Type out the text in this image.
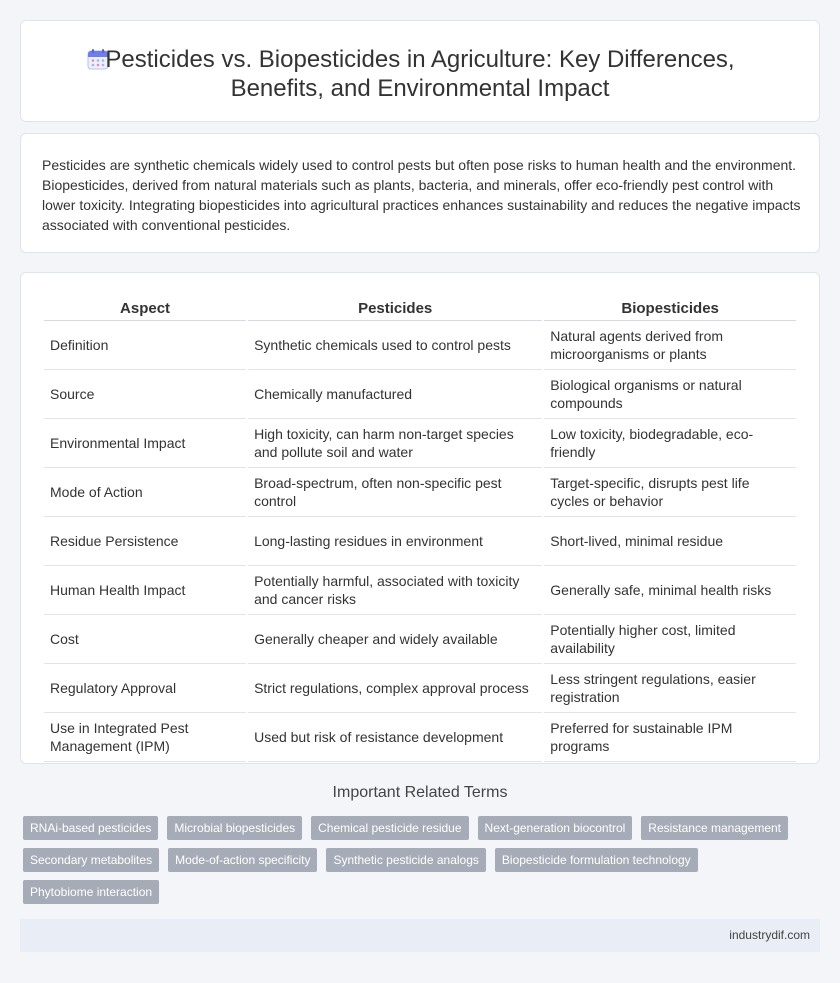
Pesticides vs. Biopesticides in Agriculture: Key Differences,
Benefits, and Environmental Impact

Pesticides are synthetic chemicals widely used to control pests but often pose risks to human health and the environment. Biopesticides, derived from natural materials such as plants, bacteria, and minerals, offer eco-friendly pest control with lower toxicity. Integrating biopesticides into agricultural practices enhances sustainability and reduces the negative impacts associated with conventional pesticides.

Aspect	Pesticides	Biopesticides
Definition	Synthetic chemicals used to control pests	Natural agents derived from microorganisms or plants
Source	Chemically manufactured	Biological organisms or natural compounds
Environmental Impact	High toxicity, can harm non-target species and pollute soil and water	Low toxicity, biodegradable, eco-friendly
Mode of Action	Broad-spectrum, often non-specific pest control	Target-specific, disrupts pest life cycles or behavior
Residue Persistence	Long-lasting residues in environment	Short-lived, minimal residue
Human Health Impact	Potentially harmful, associated with toxicity and cancer risks	Generally safe, minimal health risks
Cost	Generally cheaper and widely available	Potentially higher cost, limited availability
Regulatory Approval	Strict regulations, complex approval process	Less stringent regulations, easier registration
Use in Integrated Pest Management (IPM)	Used but risk of resistance development	Preferred for sustainable IPM programs
Important Related Terms
RNAi-based pesticides	Microbial biopesticides	Chemical pesticide residue	Next-generation biocontrol	Resistance management
Secondary metabolites	Mode-of-action specificity	Synthetic pesticide analogs	Biopesticide formulation technology
Phytobiome interaction
industrydif.com
